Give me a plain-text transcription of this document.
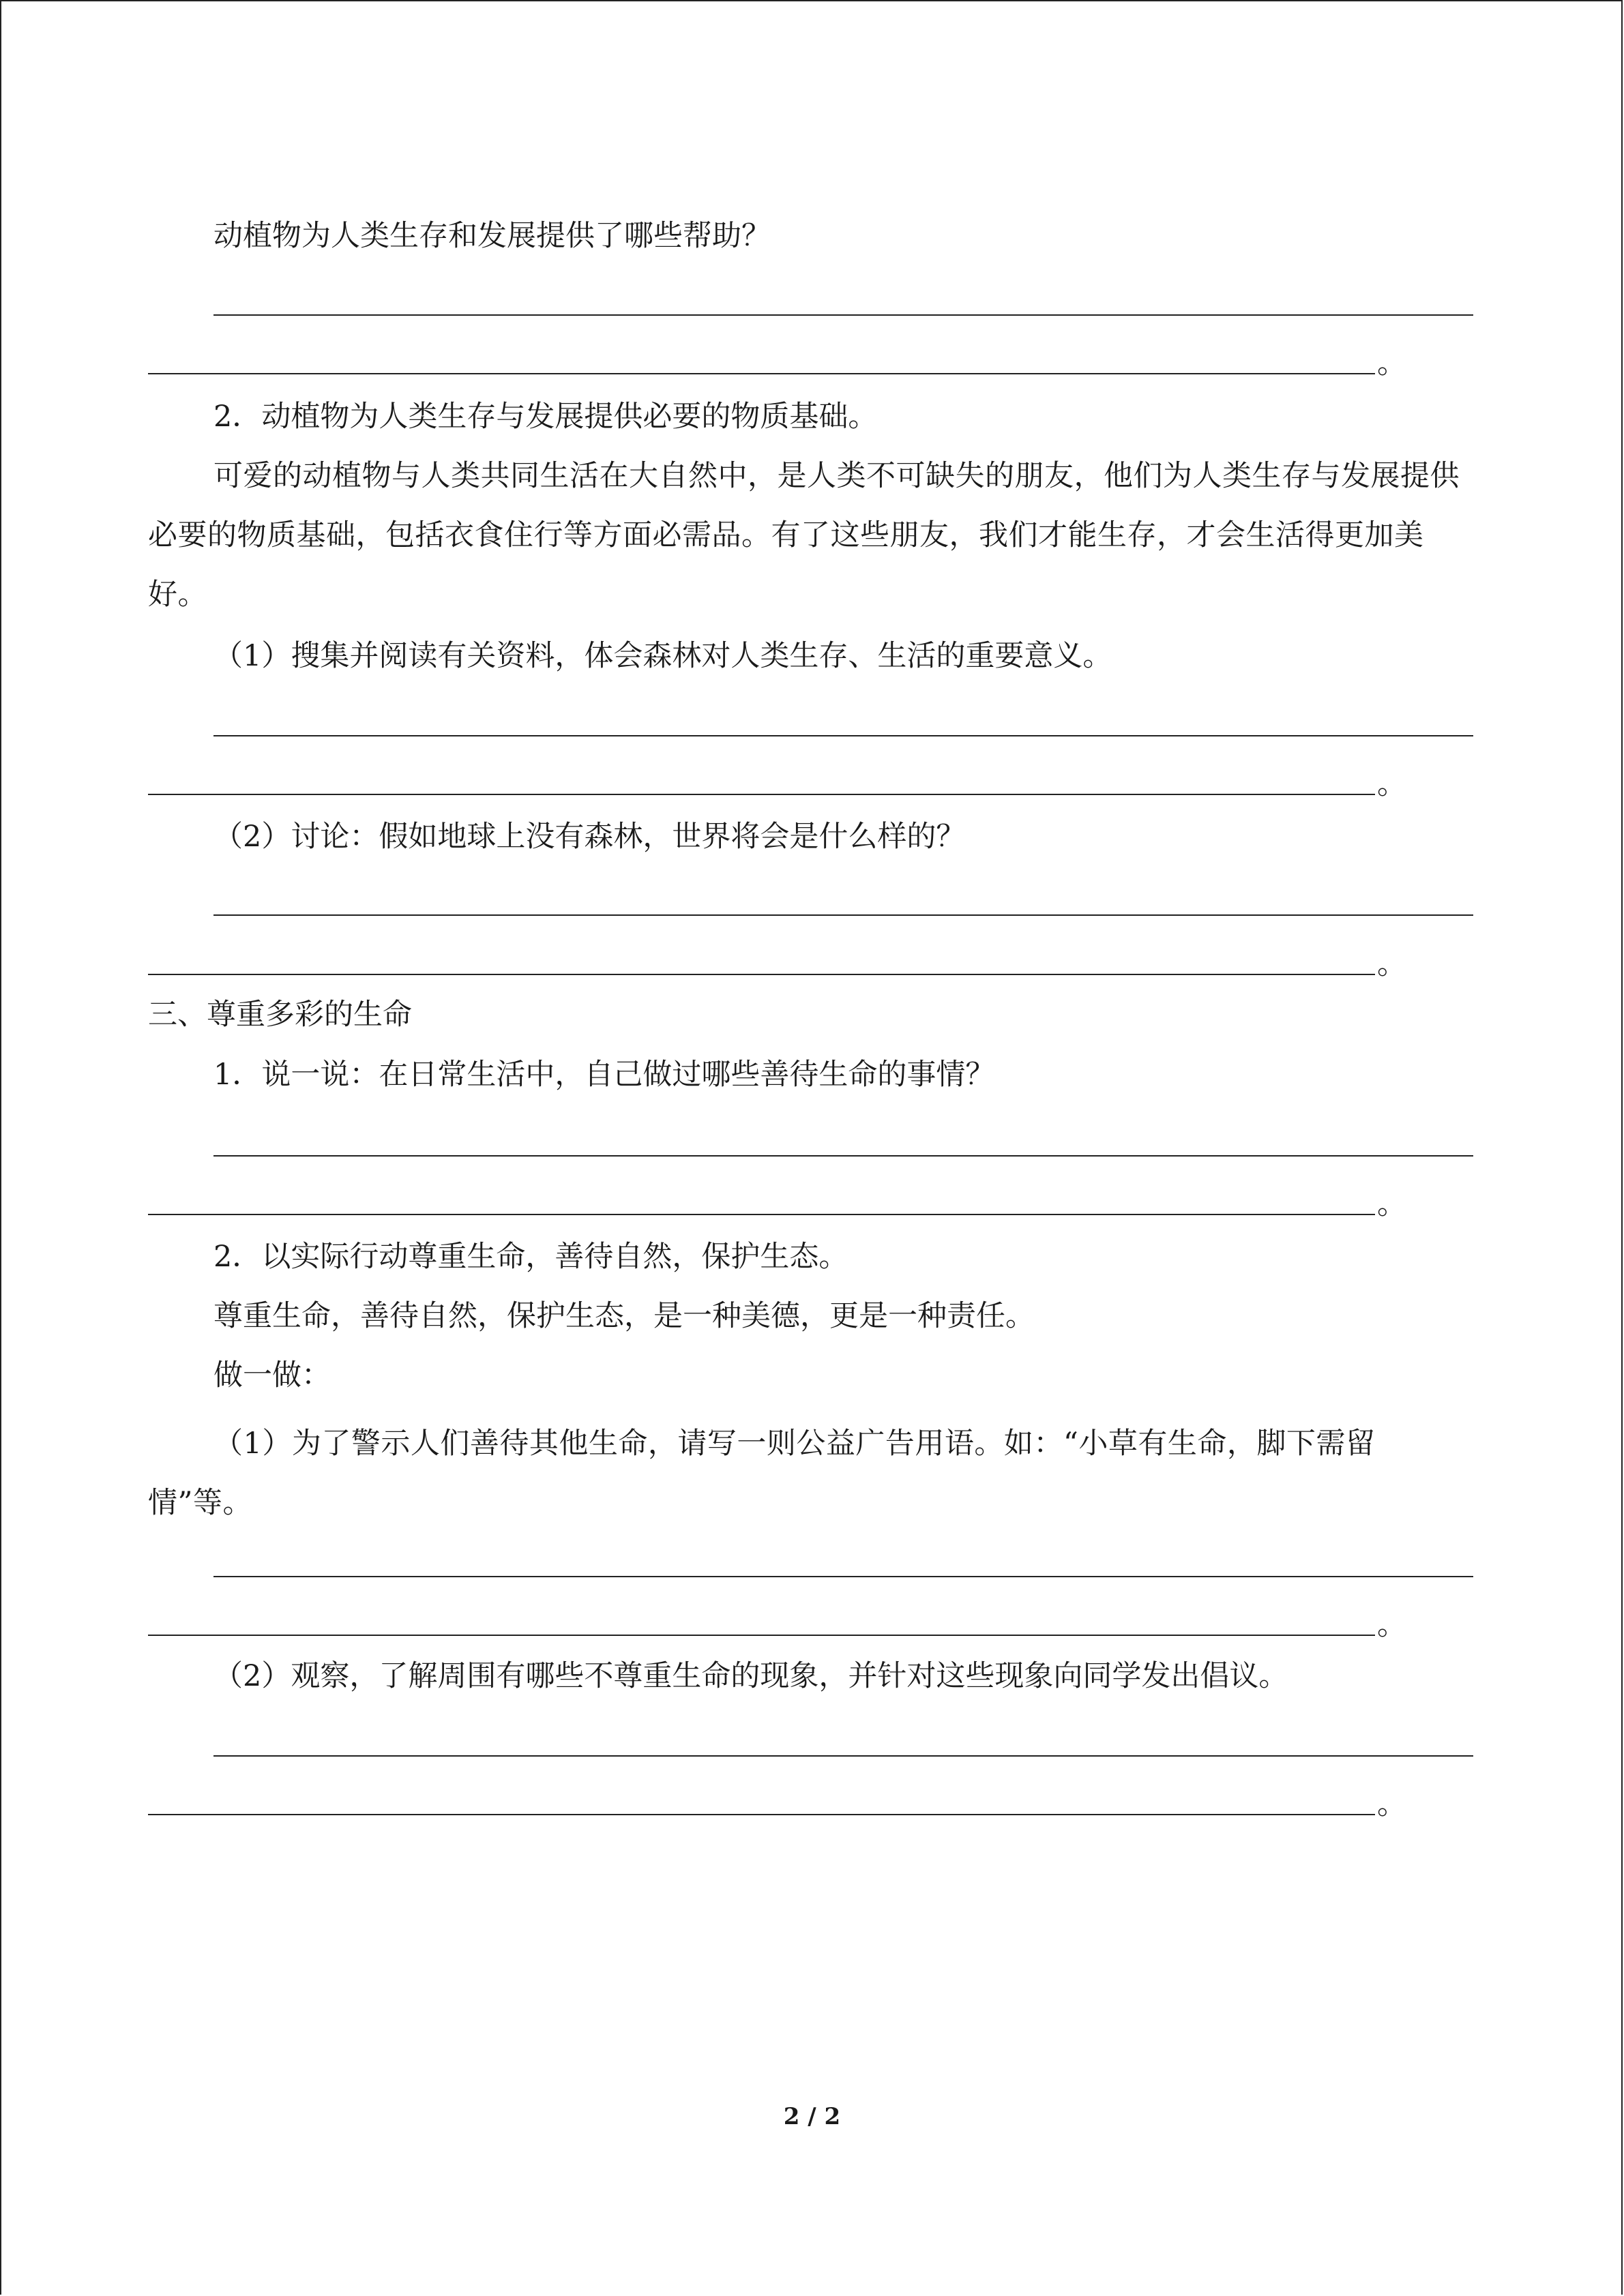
动植物为人类生存和发展提供了哪些帮助？

。

2．动植物为人类生存与发展提供必要的物质基础。

可爱的动植物与人类共同生活在大自然中，是人类不可缺失的朋友，他们为人类生存与发展提供必要的物质基础，包括衣食住行等方面必需品。有了这些朋友，我们才能生存，才会生活得更加美好。

（1）搜集并阅读有关资料，体会森林对人类生存、生活的重要意义。

。

（2）讨论：假如地球上没有森林，世界将会是什么样的？

。

三、尊重多彩的生命

1．说一说：在日常生活中，自己做过哪些善待生命的事情？

。

2．以实际行动尊重生命，善待自然，保护生态。

尊重生命，善待自然，保护生态，是一种美德，更是一种责任。

做一做：

（1）为了警示人们善待其他生命，请写一则公益广告用语。如：“小草有生命，脚下需留情”等。

。

（2）观察，了解周围有哪些不尊重生命的现象，并针对这些现象向同学发出倡议。

。
2 / 2
